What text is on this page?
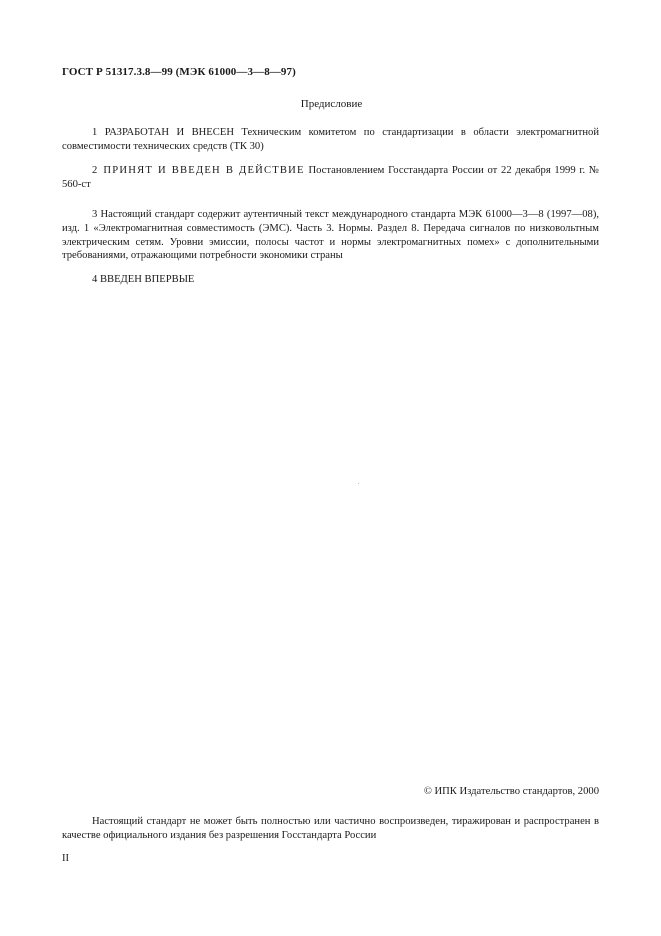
ГОСТ Р 51317.3.8—99 (МЭК 61000—3—8—97)
Предисловие

1 РАЗРАБОТАН И ВНЕСЕН Техническим комитетом по стандартизации в области электромагнитной совместимости технических средств (ТК 30)

2 ПРИНЯТ И ВВЕДЕН В ДЕЙСТВИЕ Постановлением Госстандарта России от 22 декабря 1999 г. № 560-ст

3 Настоящий стандарт содержит аутентичный текст международного стандарта МЭК 61000—3—8 (1997—08), изд. 1 «Электромагнитная совместимость (ЭМС). Часть 3. Нормы. Раздел 8. Передача сигналов по низковольтным электрическим сетям. Уровни эмиссии, полосы частот и нормы электромагнитных помех» с дополнительными требованиями, отражающими потребности экономики страны

4 ВВЕДЕН ВПЕРВЫЕ

© ИПК Издательство стандартов, 2000

Настоящий стандарт не может быть полностью или частично воспроизведен, тиражирован и распространен в качестве официального издания без разрешения Госстандарта России

II
